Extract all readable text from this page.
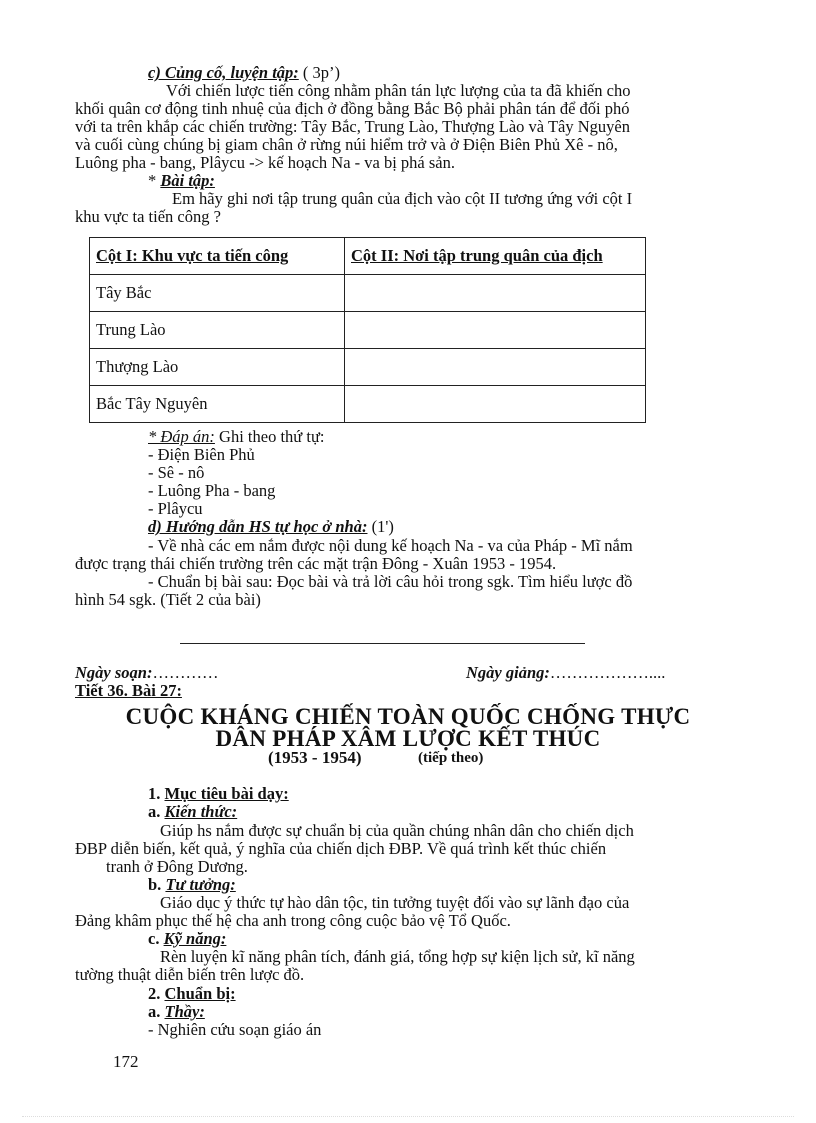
c) Củng cố, luyện tập: ( 3p’)
Với chiến lược tiến công nhằm phân tán lực lượng của ta đã khiến cho
khối quân cơ động tinh nhuệ của địch ở đồng bằng Bắc Bộ phải phân tán để đối phó
với ta trên khắp các chiến trường: Tây Bắc, Trung Lào, Thượng Lào và Tây Nguyên
và cuối cùng chúng bị giam chân ở rừng núi hiểm trở và ở Điện Biên Phủ Xê - nô,
Luông pha - bang, Plâycu -> kế hoạch Na - va bị phá sản.
* Bài tập:
Em hãy ghi nơi tập trung quân của địch vào cột II tương ứng với cột I
khu vực ta tiến công ?
Cột I: Khu vực ta tiến công	Cột II: Nơi tập trung quân của địch
Tây Bắc	
Trung Lào	
Thượng Lào	
Bắc Tây Nguyên	
* Đáp án: Ghi theo thứ tự:
- Điện Biên Phủ
- Sê - nô
- Luông Pha - bang
- Plâycu
d) Hướng dẫn HS tự học ở nhà: (1')
- Về nhà các em nắm được nội dung kế hoạch Na - va của Pháp - Mĩ nắm
được trạng thái chiến trường trên các mặt trận Đông - Xuân 1953 - 1954.
- Chuẩn bị bài sau: Đọc bài và trả lời câu hỏi trong sgk. Tìm hiểu lược đồ
hình 54 sgk. (Tiết 2 của bài)
Ngày soạn:…………	Ngày giảng:………………....
Tiết 36. Bài 27:
CUỘC KHÁNG CHIẾN TOÀN QUỐC CHỐNG THỰC
DÂN PHÁP XÂM LƯỢC KẾT THÚC
(1953 - 1954)	(tiếp theo)
1. Mục tiêu bài dạy:
a. Kiến thức:
Giúp hs nắm được sự chuẩn bị của quần chúng nhân dân cho chiến dịch
ĐBP diễn biến, kết quả, ý nghĩa của chiến dịch ĐBP. Về quá trình kết thúc chiến
tranh ở Đông Dương.
b. Tư tưởng:
Giáo dục ý thức tự hào dân tộc, tin tưởng tuyệt đối vào sự lãnh đạo của
Đảng khâm phục thế hệ cha anh trong công cuộc bảo vệ Tổ Quốc.
c. Kỹ năng:
Rèn luyện kĩ năng phân tích, đánh giá, tổng hợp sự kiện lịch sử, kĩ năng
tường thuật diễn biến trên lược đồ.
2. Chuẩn bị:
a. Thầy:
- Nghiên cứu soạn giáo án
172
